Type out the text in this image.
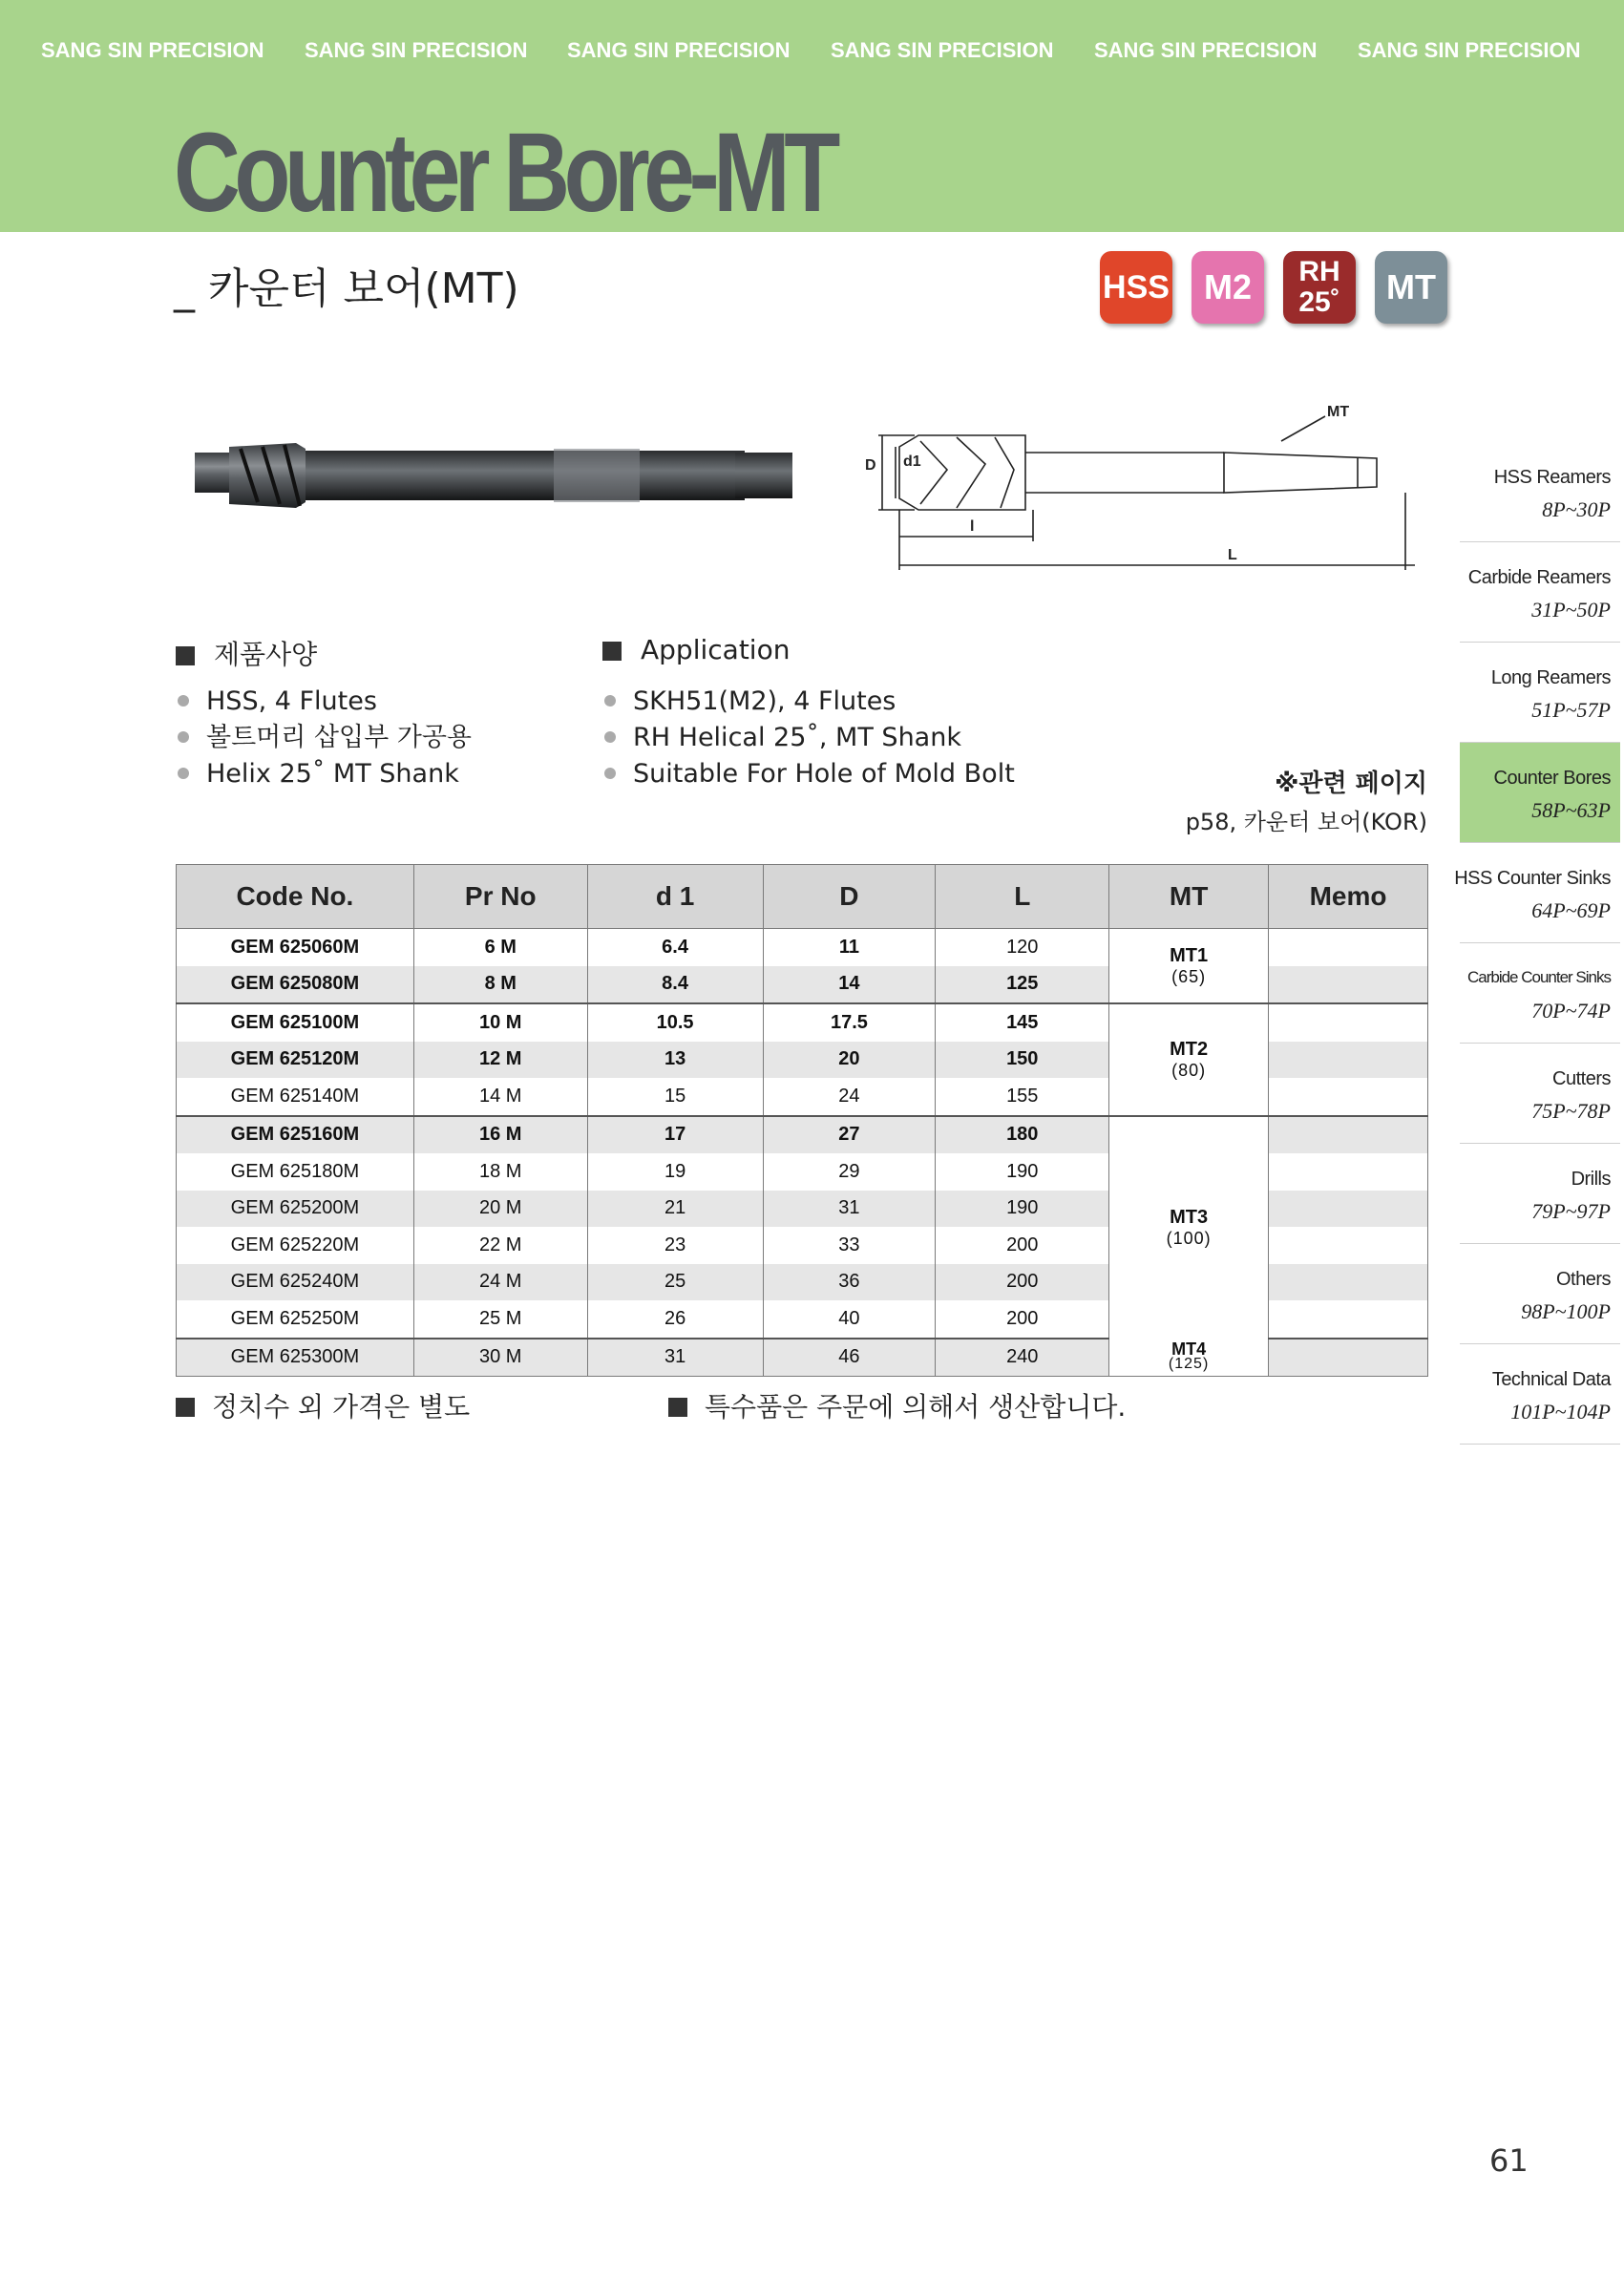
SANG SIN PRECISION SANG SIN PRECISION SANG SIN PRECISION SANG SIN PRECISION SANG SIN PRECISION SANG SIN PRECISION
Counter Bore-MT
_ 카운터 보어(MT)	HSS	M2	RH
25˚	MT
D d1
l
L
MT
HSS Reamers
8P~30P
Carbide Reamers
31P~50P
Long Reamers
51P~57P
Counter Bores
58P~63P
HSS Counter Sinks
64P~69P
Carbide Counter Sinks
70P~74P
Cutters
75P~78P
Drills
79P~97P
Others
98P~100P
Technical Data
101P~104P
제품사양
HSS, 4 Flutes
볼트머리 삽입부 가공용
Helix 25˚ MT Shank
Application
SKH51(M2), 4 Flutes
RH Helical 25˚, MT Shank
Suitable For Hole of Mold Bolt	※관련 페이지
p58, 카운터 보어(KOR)
Code No.	Pr No	d 1	D	L	MT	Memo
GEM 625060M	6 M	6.4	11	120	MT1
(65)	

GEM 625080M	8 M	8.4	14	125		
GEM 625100M	10 M	10.5	17.5	145	MT2
(80)	

GEM 625120M	12 M	13	20	150		
GEM 625140M	14 M	15	24	155		
GEM 625160M	16 M	17	27	180	MT3
(100)	

GEM 625180M	18 M	19	29	190		
GEM 625200M	20 M	21	31	190		
GEM 625220M	22 M	23	33	200		
GEM 625240M	24 M	25	36	200		
GEM 625250M	25 M	26	40	200		
GEM 625300M	30 M	31	46	240	MT4
(125)	

정치수 외 가격은 별도	특수품은 주문에 의해서 생산합니다.
61
